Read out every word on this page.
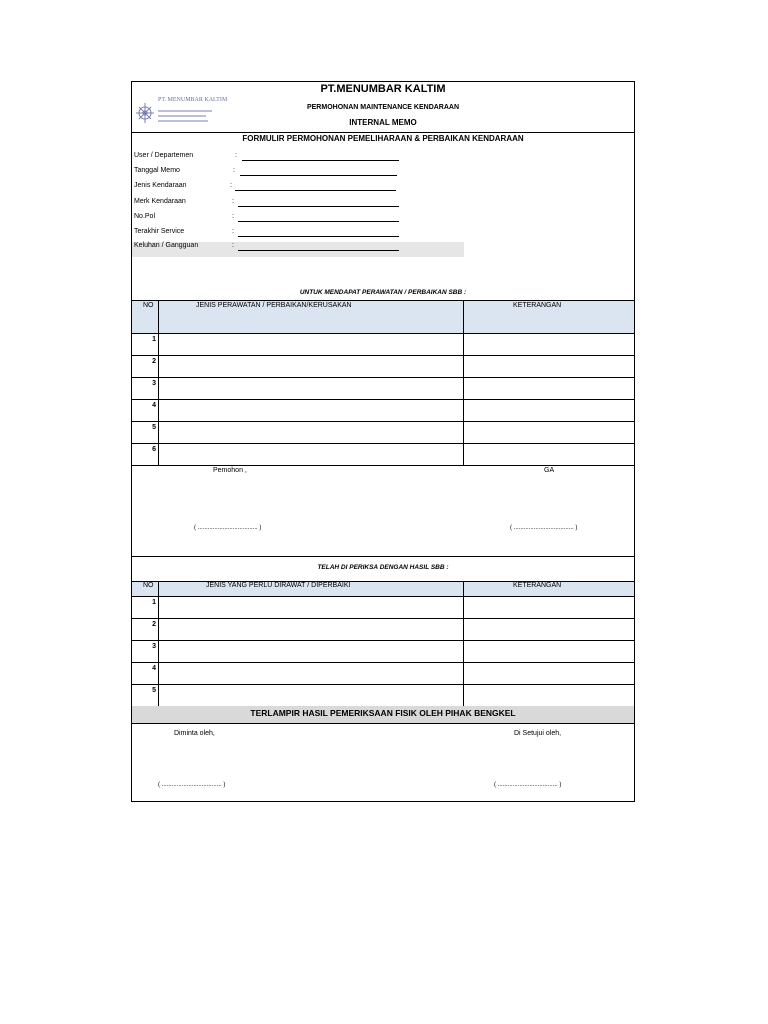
PT. MENUMBAR KALTIM
PT.MENUMBAR KALTIM
PERMOHONAN MAINTENANCE KENDARAAN
INTERNAL MEMO
FORMULIR PERMOHONAN PEMELIHARAAN & PERBAIKAN KENDARAAN
User / Departemen	:
Tanggal Memo	:
Jenis Kendaraan	:
Merk Kendaraan	:
No.Pol	:
Terakhir Service	:
Keluhan / Gangguan	:
UNTUK MENDAPAT PERAWATAN / PERBAIKAN SBB :
NO	JENIS PERAWATAN / PERBAIKAN/KERUSAKAN	KETERANGAN
1
2
3
4
5
6
Pemohon ,	GA
( .................................... )	( .................................... )
TELAH DI PERIKSA DENGAN HASIL SBB :
NO	JENIS YANG PERLU DIRAWAT / DIPERBAIKI	KETERANGAN
1
2
3
4
5
TERLAMPIR HASIL PEMERIKSAAN FISIK OLEH PIHAK BENGKEL
Diminta oleh,	Di Setujui oleh,
( .................................... )	( .................................... )
